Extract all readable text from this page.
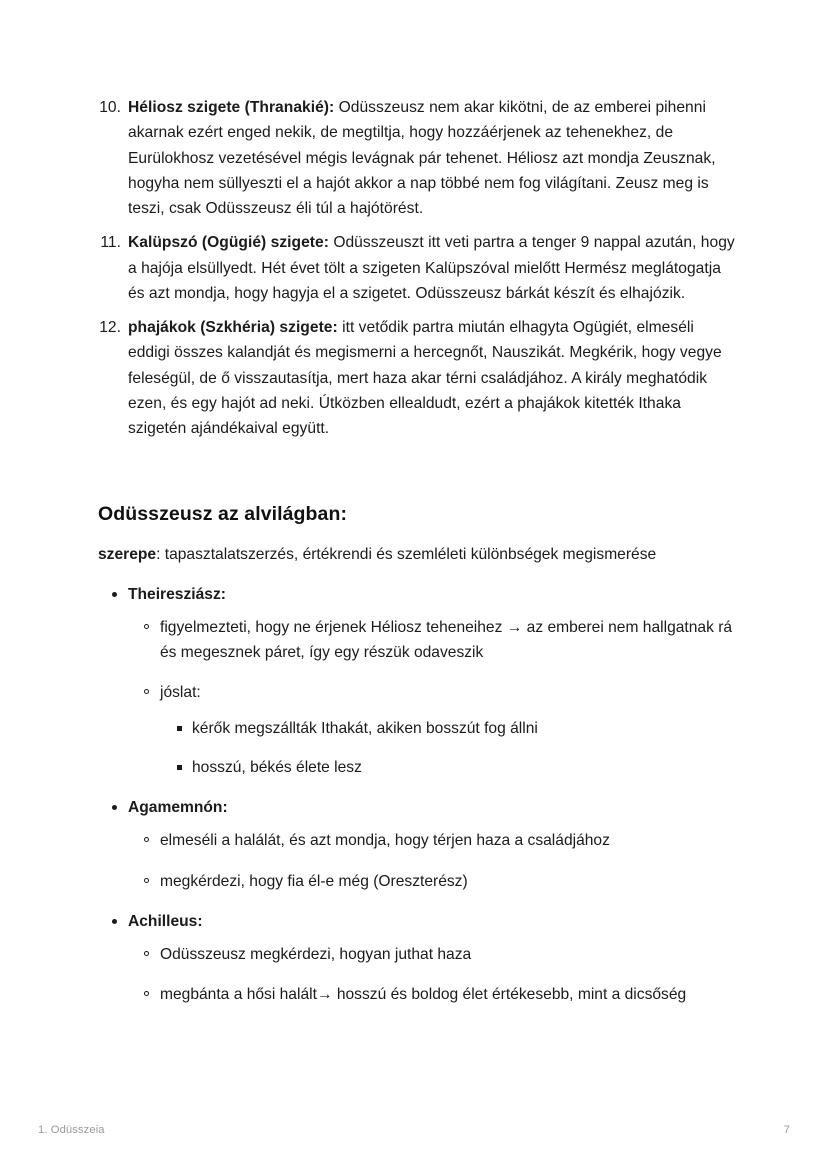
10. Héliosz szigete (Thranakié): Odüsszeusz nem akar kikötni, de az emberei pihenni akarnak ezért enged nekik, de megtiltja, hogy hozzáérjenek az tehenekhez, de Eurülokhosz vezetésével mégis levágnak pár tehenet. Héliosz azt mondja Zeusznak, hogyha nem süllyeszti el a hajót akkor a nap többé nem fog világítani. Zeusz meg is teszi, csak Odüsszeusz éli túl a hajótörést.
11. Kalüpszó (Ogügié) szigete: Odüsszeuszt itt veti partra a tenger 9 nappal azután, hogy a hajója elsüllyedt. Hét évet tölt a szigeten Kalüpszóval mielőtt Hermész meglátogatja és azt mondja, hogy hagyja el a szigetet. Odüsszeusz bárkát készít és elhajózik.
12. phajákok (Szkhéria) szigete: itt vetődik partra miután elhagyta Ogügiét, elmeséli eddigi összes kalandját és megismerni a hercegnőt, Nauszikát. Megkérik, hogy vegye feleségül, de ő visszautasítja, mert haza akar térni családjához. A király meghatódik ezen, és egy hajót ad neki. Útközben ellealdudt, ezért a phajákok kitették Ithaka szigetén ajándékaival együtt.
Odüsszeusz az alvilágban:

szerepe: tapasztalatszerzés, értékrendi és szemléleti különbségek megismerése

Theiresziász:
figyelmezteti, hogy ne érjenek Héliosz teheneihez → az emberei nem hallgatnak rá és megesznek páret, így egy részük odaveszik
jóslat:
kérők megszállták Ithakát, akiken bosszút fog állni
hosszú, békés élete lesz
Agamemnón:
elmeséli a halálát, és azt mondja, hogy térjen haza a családjához
megkérdezi, hogy fia él-e még (Oreszterész)
Achilleus:
Odüsszeusz megkérdezi, hogyan juthat haza
megbánta a hősi halált→ hosszú és boldog élet értékesebb, mint a dicsőség
1. Odüsszeia	7
